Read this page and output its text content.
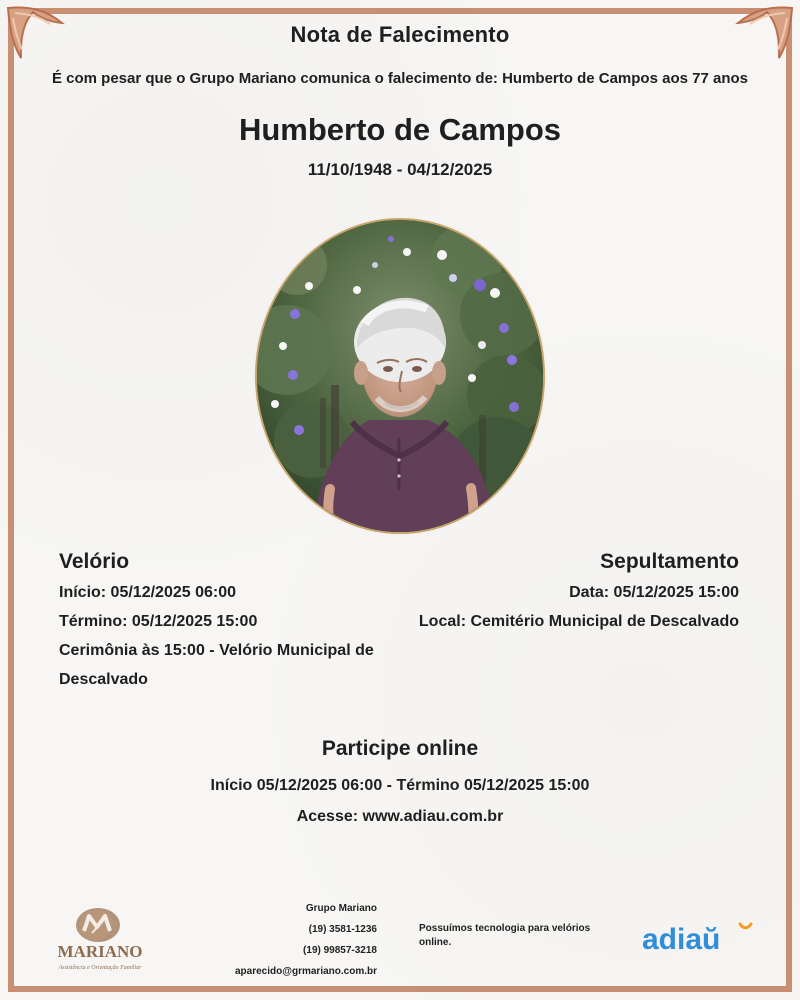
Nota de Falecimento
É com pesar que o Grupo Mariano comunica o falecimento de: Humberto de Campos aos 77 anos
Humberto de Campos
11/10/1948 - 04/12/2025
Velório
Início: 05/12/2025 06:00
Término: 05/12/2025 15:00
Cerimônia às 15:00 - Velório Municipal de
Descalvado
Sepultamento
Data: 05/12/2025 15:00
Local: Cemitério Municipal de Descalvado
Participe online
Início 05/12/2025 06:00 - Término 05/12/2025 15:00
Acesse: www.adiau.com.br
MARIANO
Assistência e Orientação Familiar
Grupo Mariano
(19) 3581-1236
(19) 99857-3218
aparecido@grmariano.com.br
Possuímos tecnologia para velórios online.	adiaŭ
